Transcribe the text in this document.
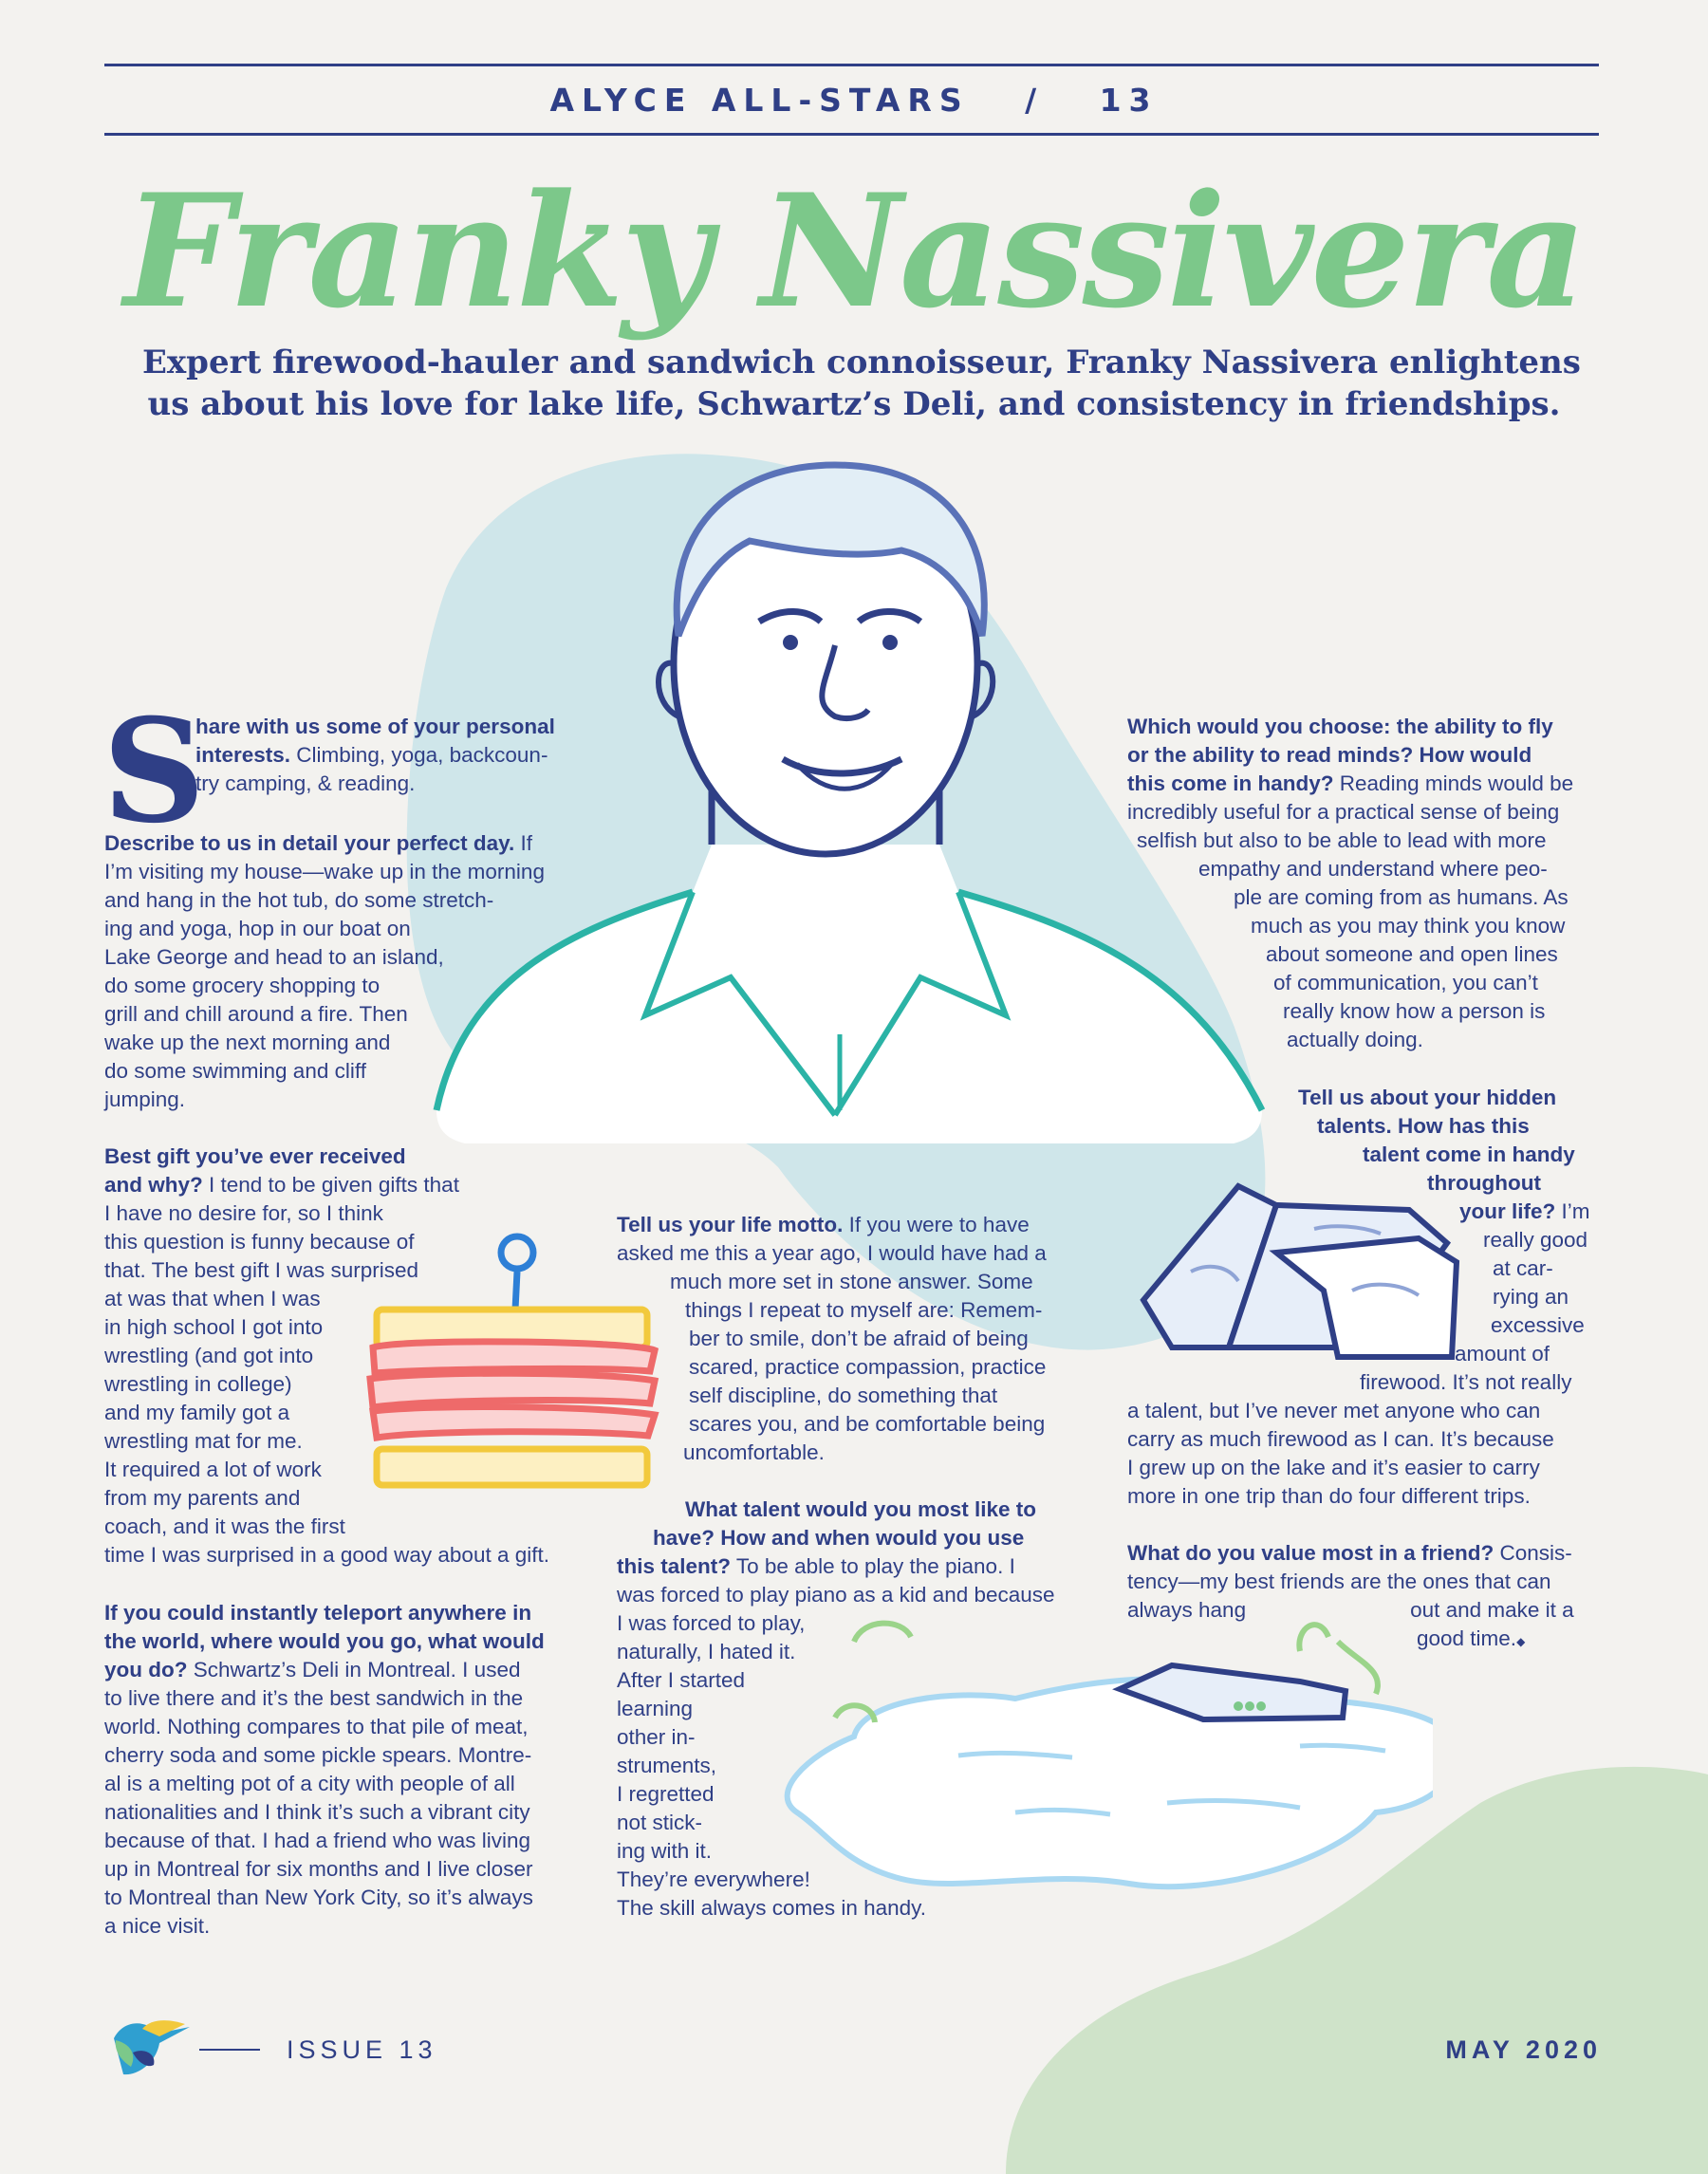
ALYCE ALL-STARS / 13
Franky Nassivera
Expert firewood-hauler and sandwich connoisseur, Franky Nassivera enlightens
us about his love for lake life, Schwartz’s Deli, and consistency in friendships.
S
hare with us some of your personal
interests. Climbing, yoga, backcoun-
try camping, & reading.
Describe to us in detail your perfect day. If
I’m visiting my house—wake up in the morning
and hang in the hot tub, do some stretch-
ing and yoga, hop in our boat on
Lake George and head to an island,
do some grocery shopping to
grill and chill around a fire. Then
wake up the next morning and
do some swimming and cliff
jumping.
Best gift you’ve ever received
and why? I tend to be given gifts that
I have no desire for, so I think
this question is funny because of
that. The best gift I was surprised
at was that when I was
in high school I got into
wrestling (and got into
wrestling in college)
and my family got a
wrestling mat for me.
It required a lot of work
from my parents and
coach, and it was the first
time I was surprised in a good way about a gift.
If you could instantly teleport anywhere in
the world, where would you go, what would
you do? Schwartz’s Deli in Montreal. I used
to live there and it’s the best sandwich in the
world. Nothing compares to that pile of meat,
cherry soda and some pickle spears. Montre-
al is a melting pot of a city with people of all
nationalities and I think it’s such a vibrant city
because of that. I had a friend who was living
up in Montreal for six months and I live closer
to Montreal than New York City, so it’s always
a nice visit.
Tell us your life motto. If you were to have
asked me this a year ago, I would have had a
much more set in stone answer. Some
things I repeat to myself are: Remem-
ber to smile, don’t be afraid of being
scared, practice compassion, practice
self discipline, do something that
scares you, and be comfortable being
uncomfortable.
What talent would you most like to
have? How and when would you use
this talent? To be able to play the piano. I
was forced to play piano as a kid and because
I was forced to play,
naturally, I hated it.
After I started
learning
other in-
struments,
I regretted
not stick-
ing with it.
They’re everywhere!
The skill always comes in handy.
Which would you choose: the ability to fly
or the ability to read minds? How would
this come in handy? Reading minds would be
incredibly useful for a practical sense of being
selfish but also to be able to lead with more
empathy and understand where peo-
ple are coming from as humans. As
much as you may think you know
about someone and open lines
of communication, you can’t
really know how a person is
actually doing.
Tell us about your hidden
talents. How has this
talent come in handy
throughout
your life? I’m
really good
at car-
rying an
excessive
amount of
firewood. It’s not really
a talent, but I’ve never met anyone who can
carry as much firewood as I can. It’s because
I grew up on the lake and it’s easier to carry
more in one trip than do four different trips.
What do you value most in a friend? Consis-
tency—my best friends are the ones that can
always hang	out and make it a
good time.◆
ISSUE 13	MAY 2020
